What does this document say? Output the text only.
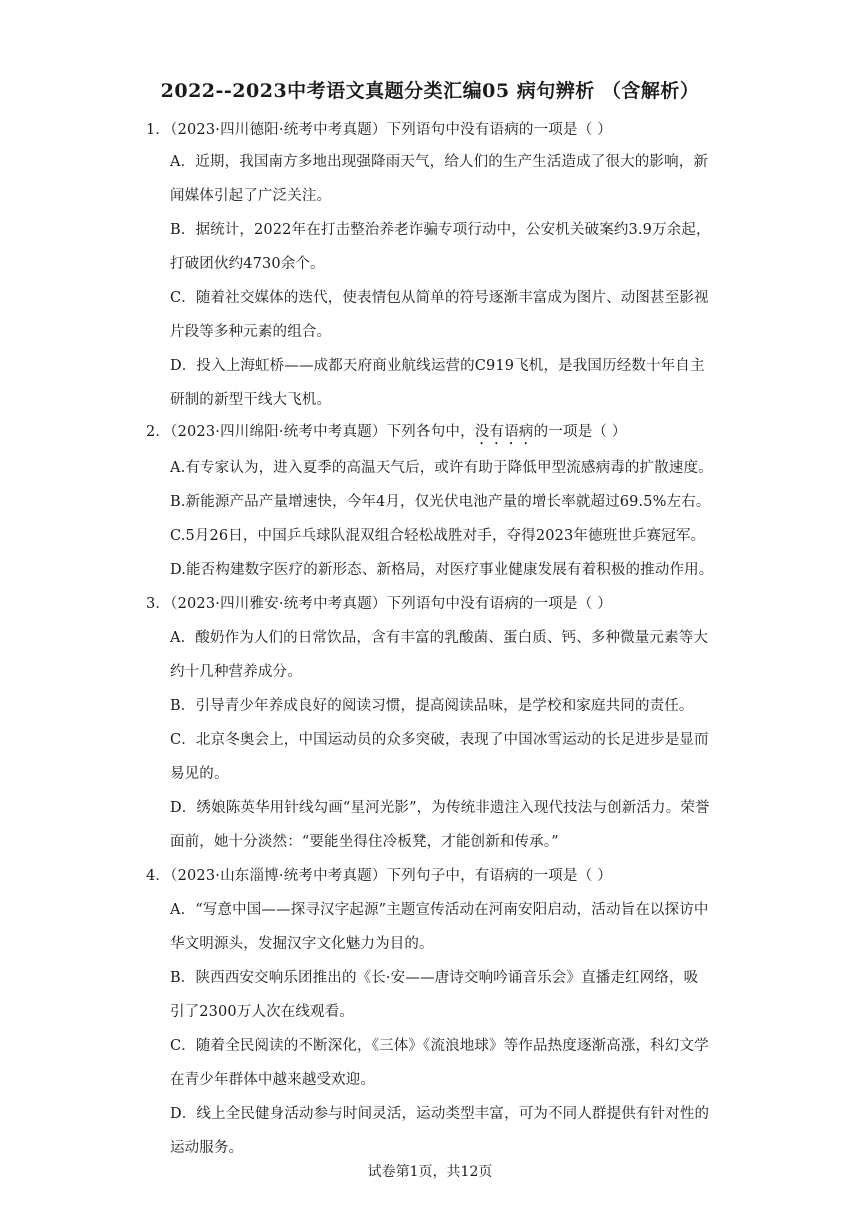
2022--2023中考语文真题分类汇编05 病句辨析 （含解析）
1．（2023·四川德阳·统考中考真题）下列语句中没有语病的一项是（ ）
A．近期，我国南方多地出现强降雨天气，给人们的生产生活造成了很大的影响，新
闻媒体引起了广泛关注。
B．据统计，2022年在打击整治养老诈骗专项行动中，公安机关破案约3.9万余起，
打破团伙约4730余个。
C．随着社交媒体的迭代，使表情包从简单的符号逐渐丰富成为图片、动图甚至影视
片段等多种元素的组合。
D．投入上海虹桥——成都天府商业航线运营的C919飞机，是我国历经数十年自主
研制的新型干线大飞机。
2．（2023·四川绵阳·统考中考真题）下列各句中，没有语病的一项是（ ）
A.有专家认为，进入夏季的高温天气后，或许有助于降低甲型流感病毒的扩散速度。
B.新能源产品产量增速快，今年4月，仅光伏电池产量的增长率就超过69.5%左右。
C.5月26日，中国乒乓球队混双组合轻松战胜对手，夺得2023年德班世乒赛冠军。
D.能否构建数字医疗的新形态、新格局，对医疗事业健康发展有着积极的推动作用。
3．（2023·四川雅安·统考中考真题）下列语句中没有语病的一项是（ ）
A．酸奶作为人们的日常饮品，含有丰富的乳酸菌、蛋白质、钙、多种微量元素等大
约十几种营养成分。
B．引导青少年养成良好的阅读习惯，提高阅读品味，是学校和家庭共同的责任。
C．北京冬奥会上，中国运动员的众多突破，表现了中国冰雪运动的长足进步是显而
易见的。
D．绣娘陈英华用针线勾画“星河光影”，为传统非遗注入现代技法与创新活力。荣誉
面前，她十分淡然：“要能坐得住冷板凳，才能创新和传承。”
4．（2023·山东淄博·统考中考真题）下列句子中，有语病的一项是（ ）
A．“写意中国——探寻汉字起源”主题宣传活动在河南安阳启动，活动旨在以探访中
华文明源头，发掘汉字文化魅力为目的。
B．陕西西安交响乐团推出的《长·安——唐诗交响吟诵音乐会》直播走红网络，吸
引了2300万人次在线观看。
C．随着全民阅读的不断深化，《三体》《流浪地球》等作品热度逐渐高涨，科幻文学
在青少年群体中越来越受欢迎。
D．线上全民健身活动参与时间灵活，运动类型丰富，可为不同人群提供有针对性的
运动服务。
试卷第1页，共12页
